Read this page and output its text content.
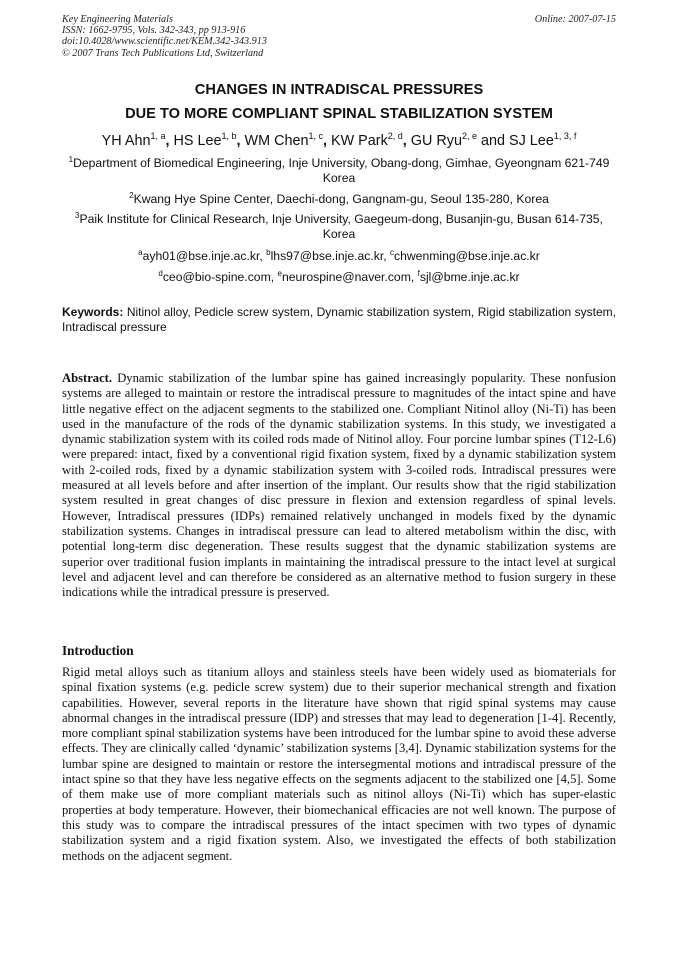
Key Engineering Materials
ISSN: 1662-9795, Vols. 342-343, pp 913-916
doi:10.4028/www.scientific.net/KEM.342-343.913
© 2007 Trans Tech Publications Ltd, Switzerland
Online: 2007-07-15
CHANGES IN INTRADISCAL PRESSURES
DUE TO MORE COMPLIANT SPINAL STABILIZATION SYSTEM
YH Ahn$^{1, a}$, HS Lee$^{1, b}$, WM Chen$^{1, c}$, KW Park$^{2, d}$, GU Ryu$^{2, e}$ and SJ Lee$^{1, 3, f}$
$^1$Department of Biomedical Engineering, Inje University, Obang-dong, Gimhae, Gyeongnam 621-749 Korea
$^2$Kwang Hye Spine Center, Daechi-dong, Gangnam-gu, Seoul 135-280, Korea
$^3$Paik Institute for Clinical Research, Inje University, Gaegeum-dong, Busanjin-gu, Busan 614-735, Korea
$^a$ayh01@bse.inje.ac.kr, $^b$lhs97@bse.inje.ac.kr, $^c$chwenming@bse.inje.ac.kr
$^d$ceo@bio-spine.com, $^e$neurospine@naver.com, $^f$sjl@bme.inje.ac.kr
Keywords: Nitinol alloy, Pedicle screw system, Dynamic stabilization system, Rigid stabilization system, Intradiscal pressure
Abstract. Dynamic stabilization of the lumbar spine has gained increasingly popularity. These nonfusion systems are alleged to maintain or restore the intradiscal pressure to magnitudes of the intact spine and have little negative effect on the adjacent segments to the stabilized one. Compliant Nitinol alloy (Ni-Ti) has been used in the manufacture of the rods of the dynamic stabilization systems. In this study, we investigated a dynamic stabilization system with its coiled rods made of Nitinol alloy. Four porcine lumbar spines (T12-L6) were prepared: intact, fixed by a conventional rigid fixation system, fixed by a dynamic stabilization system with 2-coiled rods, fixed by a dynamic stabilization system with 3-coiled rods. Intradiscal pressures were measured at all levels before and after insertion of the implant. Our results show that the rigid stabilization system resulted in great changes of disc pressure in flexion and extension regardless of spinal levels. However, Intradiscal pressures (IDPs) remained relatively unchanged in models fixed by the dynamic stabilization systems. Changes in intradiscal pressure can lead to altered metabolism within the disc, with potential long-term disc degeneration. These results suggest that the dynamic stabilization systems are superior over traditional fusion implants in maintaining the intradiscal pressure to the intact level at surgical level and adjacent level and can therefore be considered as an alternative method to fusion surgery in these indications while the intradical pressure is preserved.
Introduction
Rigid metal alloys such as titanium alloys and stainless steels have been widely used as biomaterials for spinal fixation systems (e.g. pedicle screw system) due to their superior mechanical strength and fixation capabilities. However, several reports in the literature have shown that rigid spinal systems may cause abnormal changes in the intradiscal pressure (IDP) and stresses that may lead to degeneration [1-4]. Recently, more compliant spinal stabilization systems have been introduced for the lumbar spine to avoid these adverse effects. They are clinically called ‘dynamic’ stabilization systems [3,4]. Dynamic stabilization systems for the lumbar spine are designed to maintain or restore the intersegmental motions and intradiscal pressure of the intact spine so that they have less negative effects on the segments adjacent to the stabilized one [4,5]. Some of them make use of more compliant materials such as nitinol alloys (Ni-Ti) which has super-elastic properties at body temperature. However, their biomechanical efficacies are not well known. The purpose of this study was to compare the intradiscal pressures of the intact specimen with two types of dynamic stabilization system and a rigid fixation system. Also, we investigated the effects of both stabilization methods on the adjacent segment.
